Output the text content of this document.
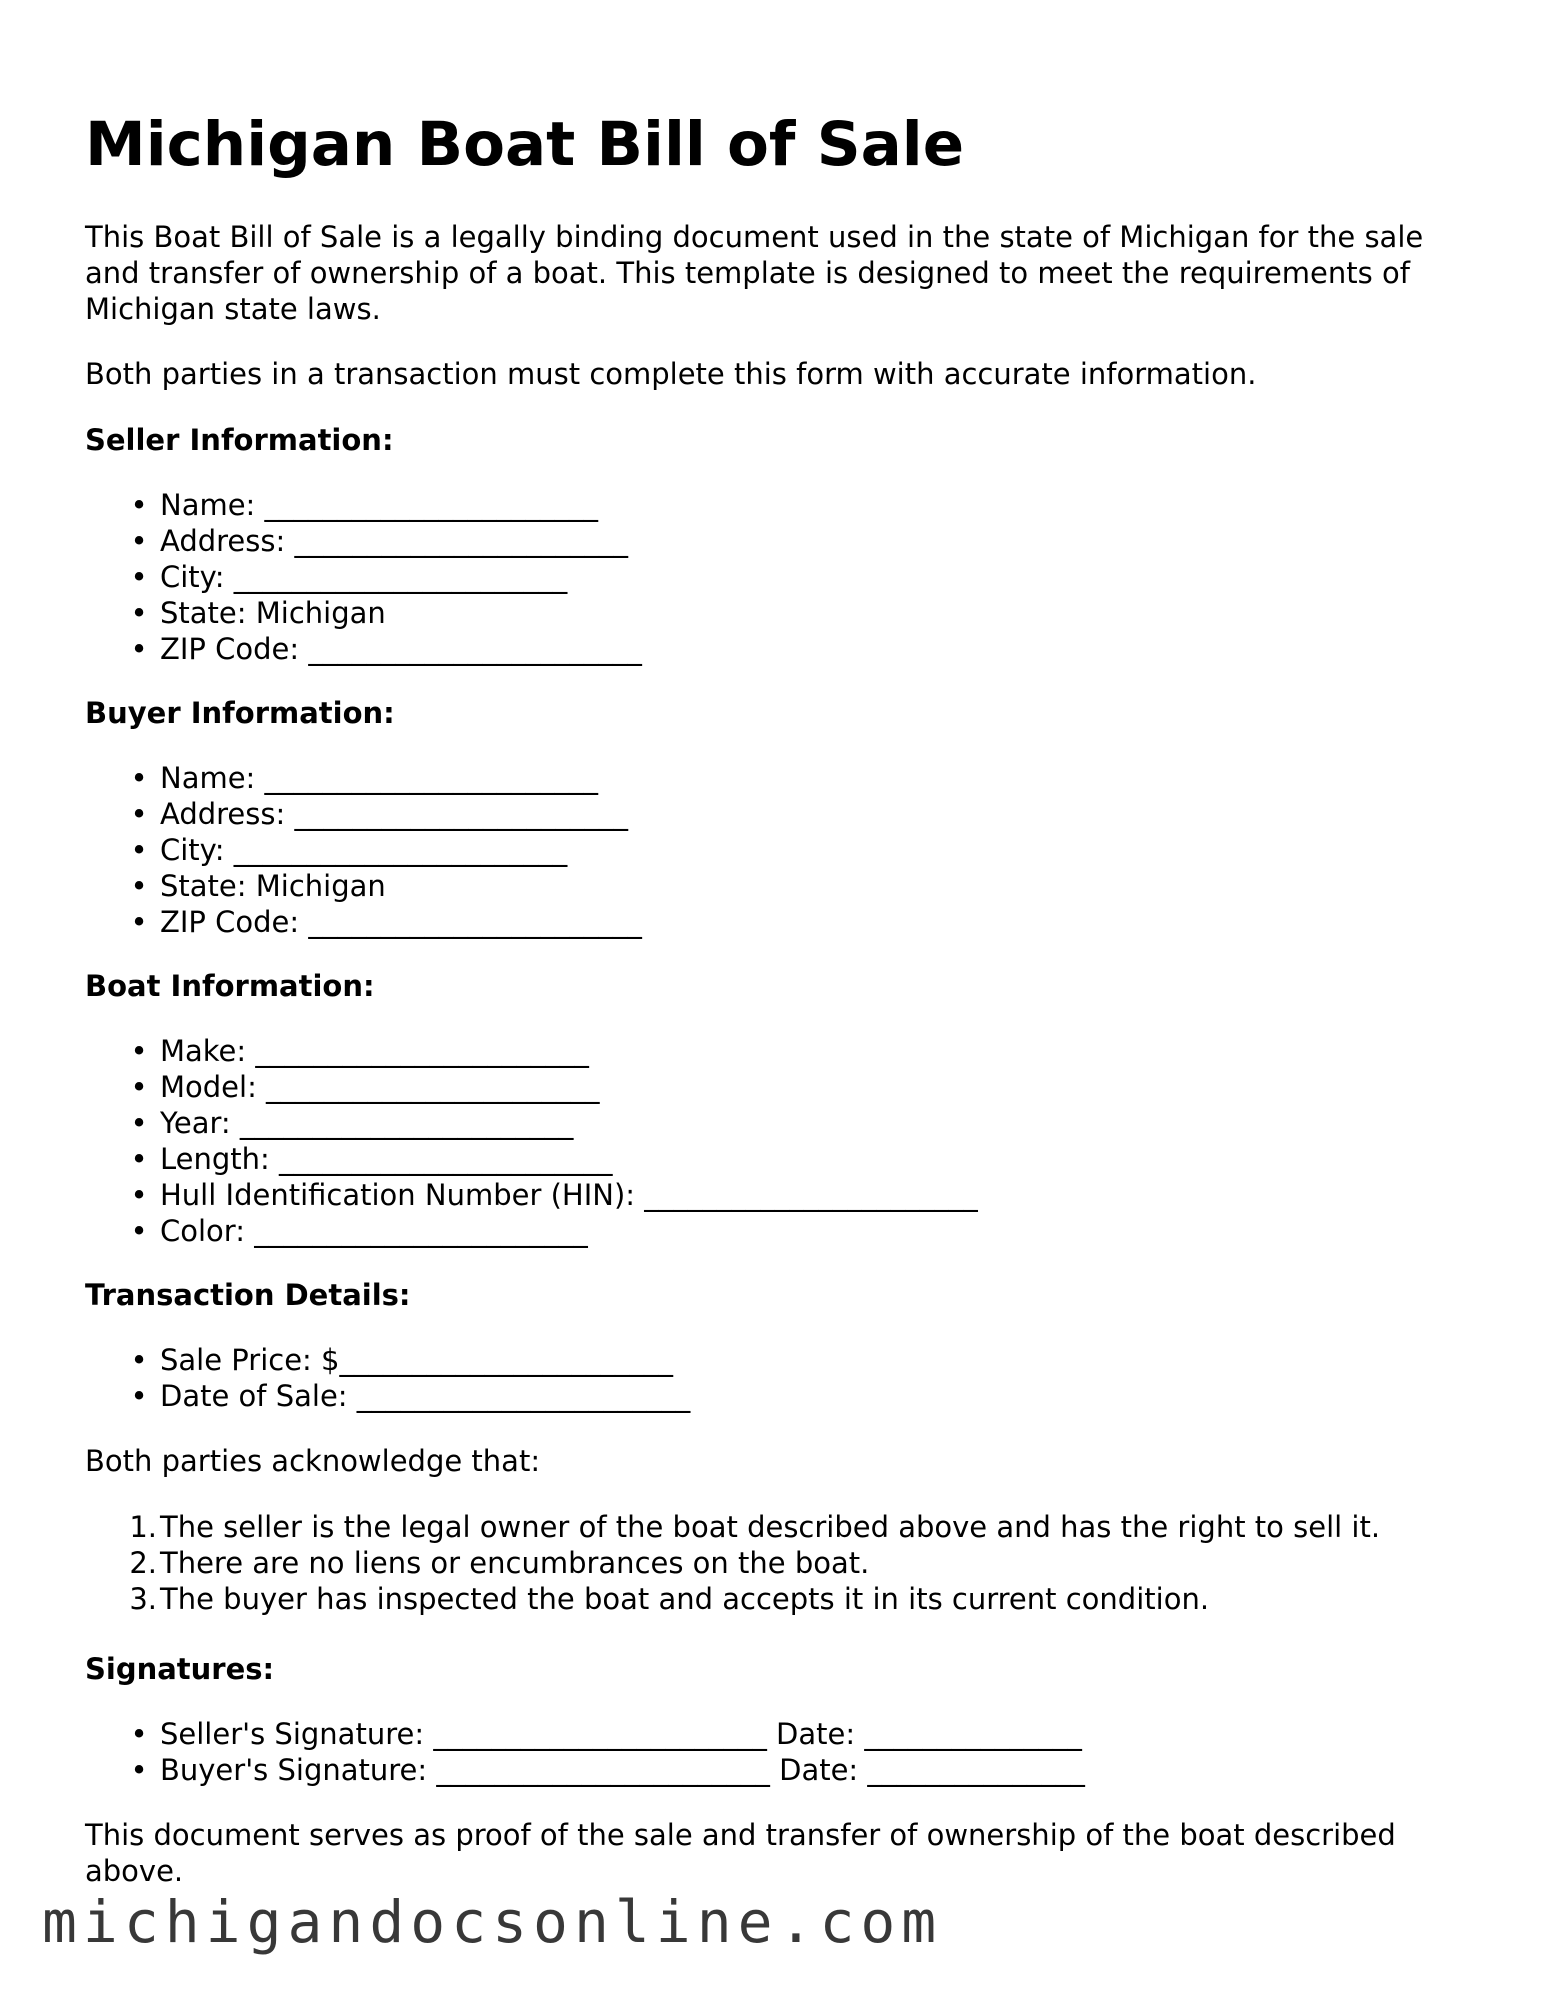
Michigan Boat Bill of Sale

This Boat Bill of Sale is a legally binding document used in the state of Michigan for the sale and transfer of ownership of a boat. This template is designed to meet the requirements of Michigan state laws.

Both parties in a transaction must complete this form with accurate information.

Seller Information:

• Name: _______________________
• Address: _______________________
• City: _______________________
• State: Michigan
• ZIP Code: _______________________

Buyer Information:

• Name: _______________________
• Address: _______________________
• City: _______________________
• State: Michigan
• ZIP Code: _______________________

Boat Information:

• Make: _______________________
• Model: _______________________
• Year: _______________________
• Length: _______________________
• Hull Identification Number (HIN): _______________________
• Color: _______________________

Transaction Details:

• Sale Price: $_______________________
• Date of Sale: _______________________

Both parties acknowledge that:

1. The seller is the legal owner of the boat described above and has the right to sell it.
2. There are no liens or encumbrances on the boat.
3. The buyer has inspected the boat and accepts it in its current condition.

Signatures:

• Seller's Signature: _______________________ Date: _______________
• Buyer's Signature: _______________________ Date: _______________

This document serves as proof of the sale and transfer of ownership of the boat described above.

michigandocsonline.com
